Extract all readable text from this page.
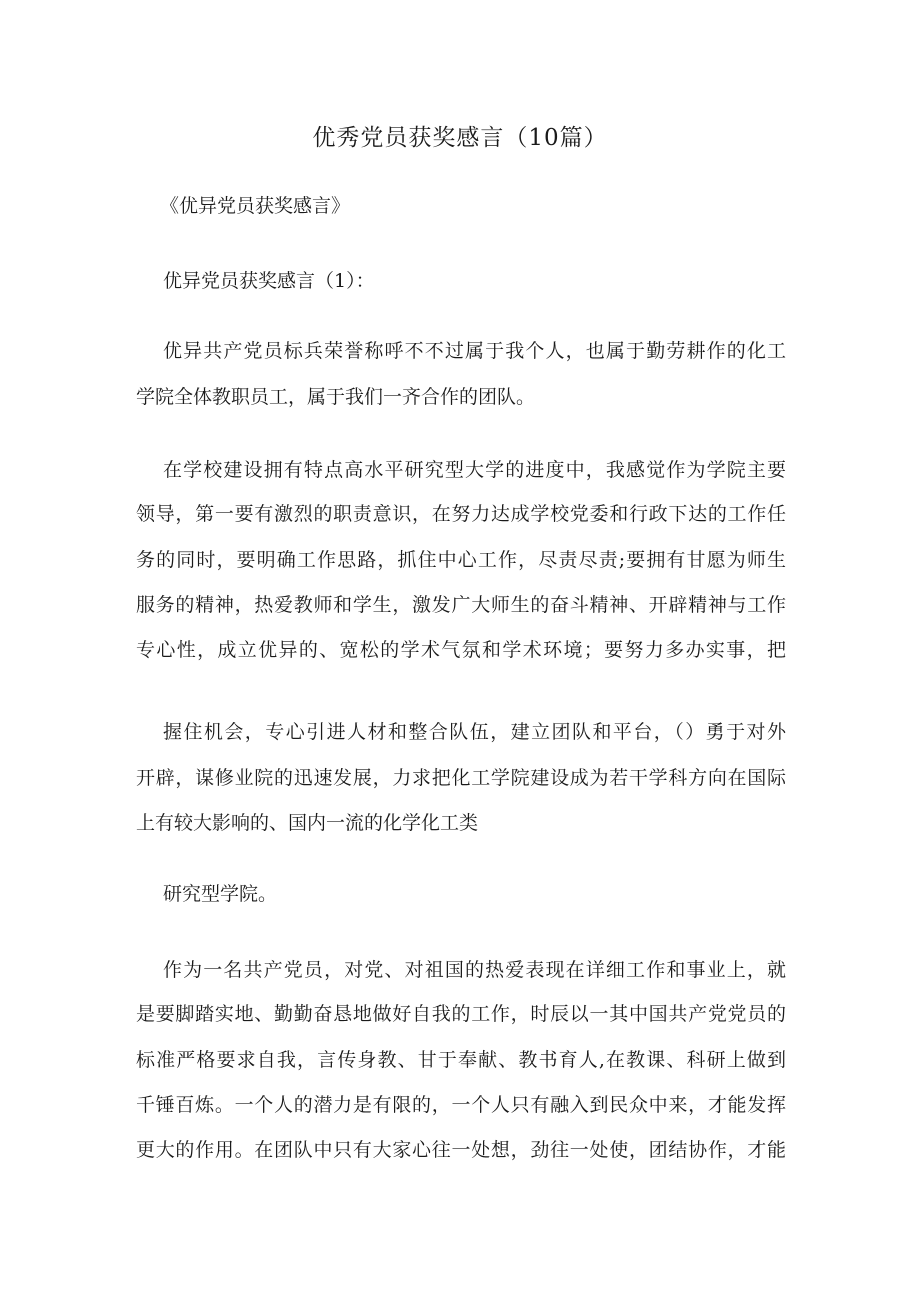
优秀党员获奖感言（10篇）

《优异党员获奖感言》

优异党员获奖感言（1）：

优异共产党员标兵荣誉称呼不不过属于我个人，也属于勤劳耕作的化工

学院全体教职员工，属于我们一齐合作的团队。

在学校建设拥有特点高水平研究型大学的进度中，我感觉作为学院主要

领导，第一要有激烈的职责意识，在努力达成学校党委和行政下达的工作任

务的同时，要明确工作思路，抓住中心工作，尽责尽责;要拥有甘愿为师生

服务的精神，热爱教师和学生，激发广大师生的奋斗精神、开辟精神与工作

专心性，成立优异的、宽松的学术气氛和学术环境；要努力多办实事，把

握住机会，专心引进人材和整合队伍，建立团队和平台，（）勇于对外

开辟，谋修业院的迅速发展，力求把化工学院建设成为若干学科方向在国际

上有较大影响的、国内一流的化学化工类

研究型学院。

作为一名共产党员，对党、对祖国的热爱表现在详细工作和事业上，就

是要脚踏实地、勤勤奋恳地做好自我的工作，时辰以一其中国共产党党员的

标准严格要求自我，言传身教、甘于奉献、教书育人,在教课、科研上做到

千锤百炼。一个人的潜力是有限的，一个人只有融入到民众中来，才能发挥

更大的作用。在团队中只有大家心往一处想，劲往一处使，团结协作，才能
